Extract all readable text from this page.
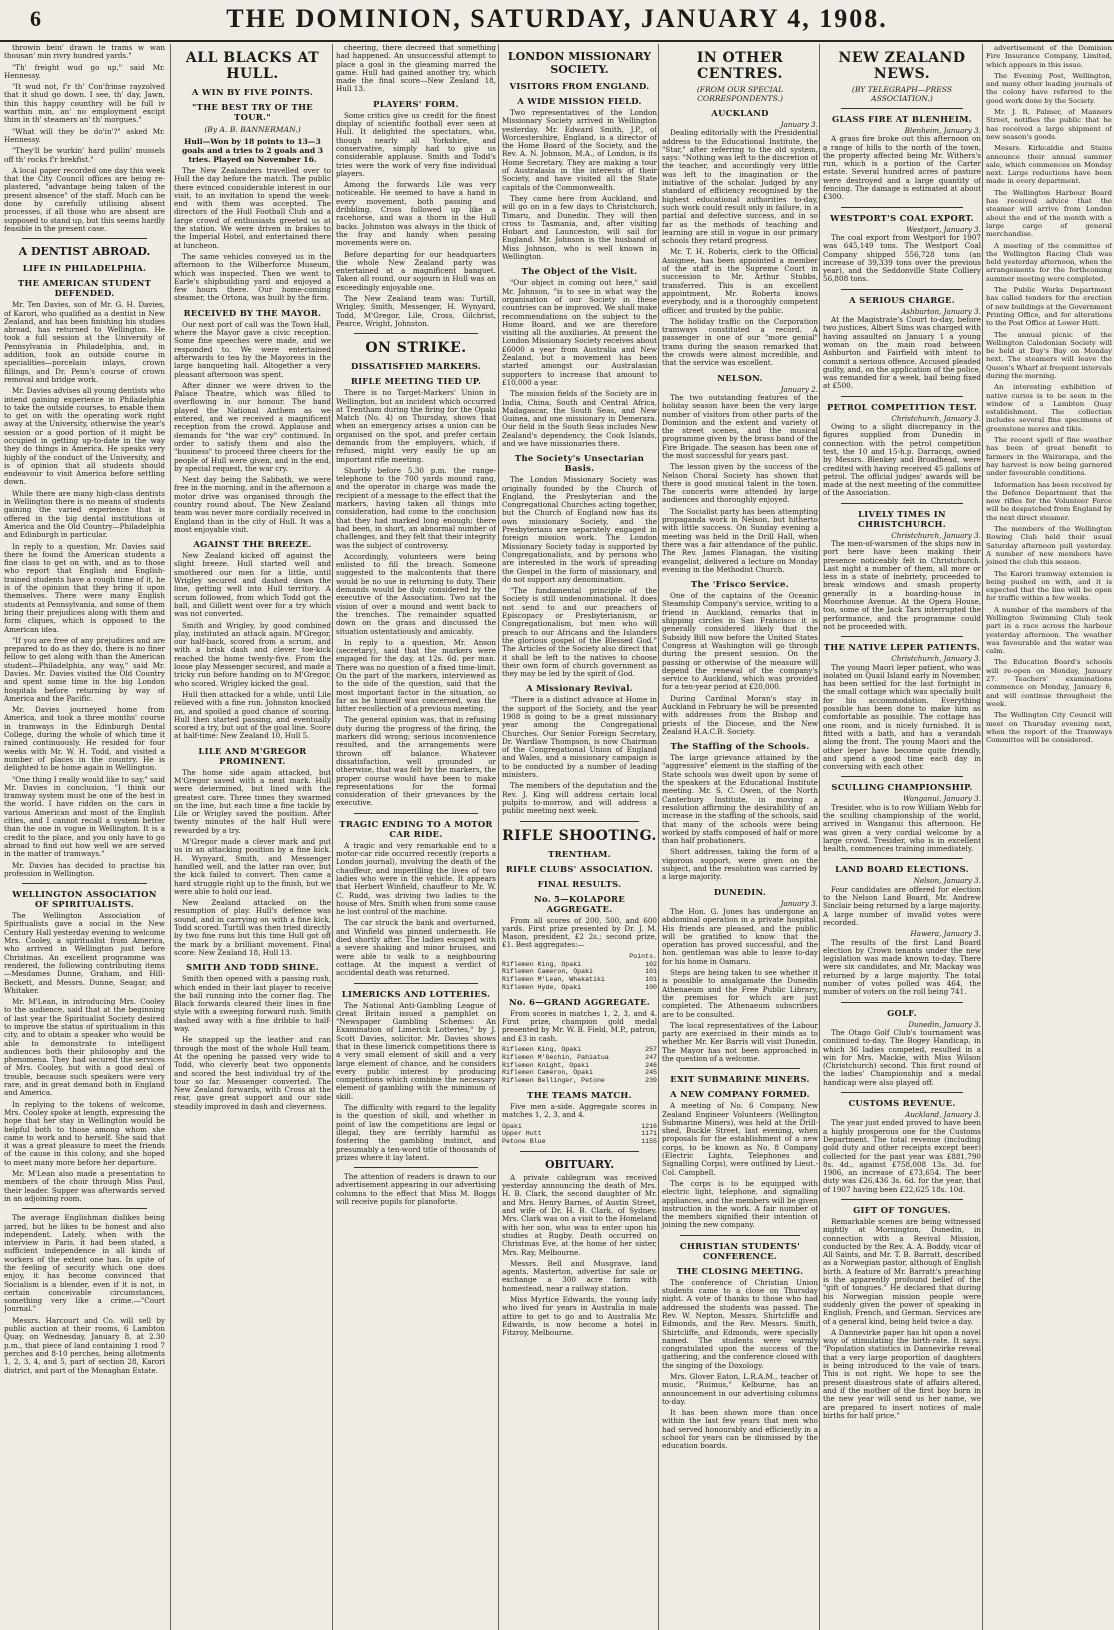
6	THE DOMINION, SATURDAY, JANUARY 4, 1908.

throwin bein' drawn te trams w wan thousan' min rivry hundred yards."

"Th' freight wud go up," said Mr. Hennessy.

"It wud not, f'r th' Con'frinse rayzolved that it shud go down. I see, th' day, Jawn, thin this happy counthry will be full iv warthin min, an' no employment excipt thim in th' steamers an' th' morgues."

"What will they be do'in'?" asked Mr. Hennessy.

"They'll be wurkin' hard pullin' mussels off th' rocks f'r brekfist."

A local paper recorded one day this week that the City Council offices are being re-plastered, "advantage being taken of the present absence" of the staff. Much can be done by carefully utilising absent processes, if all those who are absent are supposed to stand up, but this seems hardly feasible in the present case.

A DENTIST ABROAD.
LIFE IN PHILADELPHIA.
THE AMERICAN STUDENT DEFENDED.

Mr. Ten Davies, son of Mr. G. H. Davies, of Karori, who qualified as a dentist in New Zealand, and has been finishing his studies abroad, has returned to Wellington. He took a full session at the University of Pennsylvania in Philadelphia, and, in addition, took an outside course in specialities—porcelain inlays, crown fillings, and Dr. Penn's course of crown removal and bridge work.

Mr. Davies advises all young dentists who intend gaining experience in Philadelphia to take the outside courses, to enable them to get on with the operating work right away at the University, otherwise the year's session or a good portion of it might be occupied in getting up-to-date in the way they do things in America. He speaks very highly of the conduct of the University, and is of opinion that all students should endeavour to visit America before settling down.

While there are many high-class dentists in Wellington there is no means of students gaining the varied experience that is offered in the big dental institutions of America and the Old Country—Philadelphia and Edinburgh in particular.

In reply to a question, Mr. Davies said there he found the American students a fine class to get on with, and as to those who report that English and English-trained students have a rough time of it, he is of the opinion that they bring it upon themselves. There were many English students at Pennsylvania, and some of them bring their prejudices along with them and form cliques, which is opposed to the American idea.

"If you are free of any prejudices and are prepared to do as they do, there is no finer fellow to get along with than the American student—Philadelphia, any way," said Mr. Davies. Mr. Davies visited the Old Country and spent some time in the big London hospitals before returning by way of America and the Pacific.

Mr. Davies journeyed home from America, and took a three months' course in tramways in the Edinburgh Dental College, during the whole of which time it rained continuously. He resided for four weeks with Mr. W. H. Todd, and visited a number of places in the country. He is delighted to be home again in Wellington.

"One thing I really would like to say," said Mr. Davies in conclusion, "I think our tramway system must be one of the best in the world. I have ridden on the cars in various American and most of the English cities, and I cannot recall a system better than the one in vogue in Wellington. It is a credit to the place, and you only have to go abroad to find out how well we are served in the matter of tramways."

Mr. Davies has decided to practise his profession in Wellington.

WELLINGTON ASSOCIATION OF SPIRITUALISTS.

The Wellington Association of Spiritualists gave a social in the New Century Hall yesterday evening to welcome Mrs. Cooley, a spiritualist from America, who arrived in Wellington just before Christmas. An excellent programme was rendered, the following contributing items—Mesdames Dunne, Graham, and Hill-Beckett, and Messrs. Dunne, Seagar, and Whitaker.

Mr. M'Lean, in introducing Mrs. Cooley to the audience, said that at the beginning of last year the Spiritualist Society desired to improve the status of spiritualism in this city, and to obtain a speaker who would be able to demonstrate to intelligent audiences both their philosophy and the phenomena. They had secured the services of Mrs. Cooley, but with a good deal of trouble, because such speakers were very rare, and in great demand both in England and America.

In replying to the tokens of welcome, Mrs. Cooley spoke at length, expressing the hope that her stay in Wellington would be helpful both to those among whom she came to work and to herself. She said that it was a great pleasure to meet the friends of the cause in this colony, and she hoped to meet many more before her departure.

Mr. M'Lean also made a presentation to members of the choir through Miss Paul, their leader. Supper was afterwards served in an adjoining room.

The average Englishman dislikes being jarred, but he likes to be honest and also independent. Lately, when with the interview in Paris, it had been stated, a sufficient independence in all kinds of workers of the extent one has. In spite of the feeling of security which one does enjoy, it has become convinced that Socialism is a blender, even if it is not, in certain conceivable circumstances, something very like a crime.—"Court Journal."

Messrs. Harcourt and Co. will sell by public auction at their rooms, 6 Lambton Quay, on Wednesday, January 8, at 2.30 p.m., that piece of land containing 1 rood 7 perches and 8-10 perches, being allotments 1, 2, 3, 4, and 5, part of section 28, Karori district, and part of the Monaghan Estate.

ALL BLACKS AT HULL.
A WIN BY FIVE POINTS.
"THE BEST TRY OF THE TOUR."
(By A. B. BANNERMAN.)
Hull—Won by 18 points to 13—3 goals and a tries to 2 goals and 3 tries. Played on November 16.

The New Zealanders travelled over to Hull the day before the match. The public there evinced considerable interest in our visit, to an invitation to spend the week-end with them was accepted. The directors of the Hull Football Club and a large crowd of enthusiasts greeted us at the station. We were driven in brakes to the Imperial Hotel, and entertained there at luncheon.

The same vehicles conveyed us in the afternoon to the Wilberforce Museum, which was inspected. Then we went to Earle's shipbuilding yard and enjoyed a few hours there. Our home-coming steamer, the Ortona, was built by the firm.

RECEIVED BY THE MAYOR.

Our next port of call was the Town Hall, where the Mayor gave a civic reception. Some fine speeches were made, and we responded to. We were entertained afterwards to tea by the Mayoress in the large banqueting hall. Altogether a very pleasant afternoon was spent.

After dinner we were driven to the Palace Theatre, which was filled to overflowing in our honour. The band played the National Anthem as we entered, and we received a magnificent reception from the crowd. Applause and demands for "the war cry" continued. In order to satisfy them and also the "business" to proceed three cheers for the people of Hull were given, and in the end, by special request, the war cry.

Next day being the Sabbath, we were free in the morning, and in the afternoon a motor drive was organised through the country round about. The New Zealand team was never more cordially received in England than in the city of Hull. It was a most enjoyable visit.

AGAINST THE BREEZE.

New Zealand kicked off against the slight breeze. Hull started well and smothered our men for a little, until Wrigley secured and dashed down the line, getting well into Hull territory. A scrum followed, from which Todd got the ball, and Gillett went over for a try which was not converted.

Smith and Wrigley, by good combined play, instituted an attack again. M'Gregor, our half-back, scored from a scrum, and with a brisk dash and clever toe-kick reached the home twenty-five. From the loose play Messenger secured, and made a tricky run before handing on to M'Gregor, who scored. Wrigley kicked the goal.

Hull then attacked for a while, until Lile relieved with a fine run. Johnston knocked on, and spoiled a good chance of scoring. Hull then started passing, and eventually scored a try, but out of the goal line. Score at half-time: New Zealand 10, Hull 5.

LILE AND M'GREGOR PROMINENT.

The home side again attacked, but M'Gregor saved with a neat mark. Hull were determined, but lined with the greatest care. Three times they swarmed on the line, but each time a fine tackle by Lile or Wrigley saved the position. After twenty minutes of the half Hull were rewarded by a try.

M'Gregor made a clever mark and put us in an attacking position by a fine kick. H. Wynyard, Smith, and Messenger handled well, and the latter ran over, but the kick failed to convert. Then came a hard struggle right up to the finish, but we were able to hold our lead.

New Zealand attacked on the resumption of play. Hull's defence was sound, and in carrying on with a fine kick, Todd scored. Turtill was then tried directly by two fine runs but this time Hull got off the mark by a brilliant movement. Final score: New Zealand 18, Hull 13.

SMITH AND TODD SHINE.

Smith then opened with a passing rush, which ended in their last player to receive the ball running into the corner flag. The Black forwards cleared their lines in fine style with a sweeping forward rush. Smith dashed away with a fine dribble to half-way.

He snapped up the leather and ran through the most of the whole Hull team. At the opening he passed very wide to Todd, who cleverly beat two opponents and scored the best individual try of the tour so far. Messenger converted. The New Zealand forwards, with Cross at the rear, gave great support and our side steadily improved in dash and cleverness.

cheering, there decreed that something had happened. An unsuccessful attempt to place a goal in the gleaming marred the game. Hull had gained another try, which made the final score—New Zealand 18, Hull 13.

PLAYERS' FORM.

Some critics give us credit for the finest display of scientific football ever seen at Hull. It delighted the spectators, who, though nearly all Yorkshire, and conservative, simply had to give us considerable applause. Smith and Todd's tries were the work of very fine individual players.

Among the forwards Lile was very noticeable. He seemed to have a hand in every movement, both passing and dribbling. Cross followed up like a racehorse, and was a thorn in the Hull backs. Johnston was always in the thick of the fray and handy when passing movements were on.

Before departing for our headquarters the whole New Zealand party was entertained at a magnificent banquet. Taken all round, our sojourn in Hull was an exceedingly enjoyable one.

The New Zealand team was: Turtill, Wrigley, Smith, Messenger, H. Wynyard, Todd, M'Gregor, Lile, Cross, Gilchrist, Pearce, Wright, Johnston.

ON STRIKE.
DISSATISFIED MARKERS.
RIFLE MEETING TIED UP.

There is no Target-Markers' Union in Wellington, but an incident which occurred at Trentham during the firing for the Opaki Match (No. 4) on Thursday, shows that when an emergency arises a union can be organised on the spot, and prefer certain demands from the employers, which, if refused, might very easily tie up an important rifle meeting.

Shortly before 5.30 p.m. the range-telephone to the 700 yards mound rang, and the operator in charge was made the recipient of a message to the effect that the markers, having taken all things into consideration, had come to the conclusion that they had marked long enough; there had been, in short, an abnormal number of challenges, and they felt that their integrity was the subject of controversy.

Accordingly, volunteers were being enlisted to fill the breach. Someone suggested to the malcontents that there would be no use in returning to duty. Their demands would be duly considered by the executive of the Association. Two sat the vision of over a mound and went back to the trenches. The remainder squatted down on the grass and discussed the situation ostentatiously and amicably.

In reply to a question, Mr. Anson (secretary), said that the markers were engaged for the day, at 12s. 6d. per man. There was no question of a fixed time-limit. On the part of the markers, interviewed as to the side of the question, said that the most important factor in the situation, so far as he himself was concerned, was the bitter recollection of a previous meeting.

The general opinion was, that in refusing duty during the progress of the firing, the markers did wrong; serious inconvenience resulted, and the arrangements were thrown off balance. Whatever dissatisfaction, well grounded or otherwise, that was felt by the markers, the proper course would have been to make representations for the formal consideration of their grievances by the executive.

TRAGIC ENDING TO A MOTOR CAR RIDE.

A tragic and very remarkable end to a motor-car ride occurred recently (reports a London journal), involving the death of the chauffeur, and imperilling the lives of two ladies who were in the vehicle. It appears that Herbert Winfield, chauffeur to Mr. W. C. Rudd, was driving two ladies to the house of Mrs. Smith when from some cause he lost control of the machine.

The car struck the bank and overturned, and Winfield was pinned underneath. He died shortly after. The ladies escaped with a severe shaking and minor bruises, and were able to walk to a neighbouring cottage. At the inquest a verdict of accidental death was returned.

LIMERICKS AND LOTTERIES.

The National Anti-Gambling League of Great Britain issued a pamphlet on "Newspaper Gambling Schemes: An Examination of Limerick Lotteries," by J. Scott Davies, solicitor. Mr. Davies shows that in these limerick competitions there is a very small element of skill and a very large element of chance, and he considers every public interest by producing competitions which combine the necessary element of gambling with the minimum of skill.

The difficulty with regard to the legality is the question of skill, and whether in point of law the competitions are legal or illegal, they are terribly harmful as fostering the gambling instinct, and presumably a ten-word title of thousands of prizes where it lay latent.

The attention of readers is drawn to our advertisement appearing in our advertising columns to the effect that Miss M. Boggs will receive pupils for planoforte.

LONDON MISSIONARY SOCIETY.
VISITORS FROM ENGLAND.
A WIDE MISSION FIELD.

Two representatives of the London Missionary Society arrived in Wellington yesterday. Mr. Edward Smith, J.P., of Worcestershire, England, is a director of the Home Board of the Society, and the Rev. A. N. Johnson, M.A., of London, is its Home Secretary. They are making a tour of Australasia in the interests of their Society, and have visited all the State capitals of the Commonwealth.

They came here from Auckland, and will go on in a few days to Christchurch, Timaru, and Dunedin. They will then cross to Tasmania, and, after visiting Hobart and Launceston, will sail for England. Mr. Johnson is the husband of Miss Johnson, who is well known in Wellington.

The Object of the Visit.

"Our object in coming out here," said Mr. Johnson, "is to see in what way the organisation of our Society in these countries can be improved. We shall make recommendations on the subject to the Home Board, and we are therefore visiting all the auxiliaries. At present the London Missionary Society receives about £6000 a year from Australia and New Zealand, but a movement has been started amongst our Australasian supporters to increase that amount to £10,000 a year.

The mission fields of the Society are in India, China, South and Central Africa, Madagascar, the South Seas, and New Guinea, and one missionary in Demerara. Our field in the South Seas includes New Zealand's dependency, the Cook Islands, and we have missionaries there.

The Society's Unsectarian Basis.

The London Missionary Society was originally founded by the Church of England, the Presbyterian and the Congregational Churches acting together, but the Church of England now has its own missionary Society, and the Presbyterians are separately engaged in foreign mission work. The London Missionary Society today is supported by Congregationalists, and by persons who are interested in the work of spreading the Gospel in the form of missionary, and do not support any denomination.

"The fundamental principle of the Society is still undenominational. It does not send to and our preachers of Episcopacy or Presbyterianism, or Congregationalism, but men who will preach to our Africans and the Islanders the glorious gospel of the Blessed God." The Articles of the Society also direct that it shall be left to the natives to choose their own form of church government as they may be led by the spirit of God.

A Missionary Revival.

"There is a distinct advance at Home in the support of the Society, and the year 1908 is going to be a great missionary year among the Congregational Churches. Our Senior Foreign Secretary, Dr. Wardlaw Thompson, is now Chairman of the Congregational Union of England and Wales, and a missionary campaign is to be conducted by a number of leading ministers.

The members of the deputation and the Rev. J. King will address certain local pulpits to-morrow, and will address a public meeting next week.

RIFLE SHOOTING.
TRENTHAM.
RIFLE CLUBS' ASSOCIATION.
FINAL RESULTS.
No. 5—KOLAPORE AGGREGATE.

From all scores of 200, 500, and 600 yards. First prize presented by Dr. J. M. Mason, president, £2 2s.; second prize, £1. Best aggregates:—

Points.
Riflemen King, Opaki	102
Riflemen Cameron, Opaki	101
Riflemen M'Lean, Whakatiki	101
Riflemen Hyde, Opaki	100
No. 6—GRAND AGGREGATE.

From scores in matches 1, 2, 3, and 4. First prize, champion gold medal presented by Mr. W. B. Field, M.P., patron, and £3 in cash.

Riflemen King, Opaki	257
Riflemen M'Gechin, Pahiatua	247
Riflemen Knight, Opaki	246
Riflemen Cameron, Opaki	245
Riflemen Bellinger, Petone	239
THE TEAMS MATCH.

Five men a-side. Aggregate scores in matches 1, 2, 3, and 4.

Opaki	1216
Upper Hutt	1171
Petone Blue	1155
OBITUARY.

A private cablegram was received yesterday announcing the death of Mrs. H. B. Clark, the second daughter of Mr. and Mrs. Henry Barnes, of Austin Street, and wife of Dr. H. B. Clark, of Sydney. Mrs. Clark was on a visit to the Homeland with her son, who was to enter upon his studies at Rugby. Death occurred on Christmas Eve, at the home of her sister, Mrs. Ray, Melbourne.

Messrs. Bell and Musgrave, land agents, Masterton, advertise for sale or exchange a 300 acre farm with homestead, near a railway station.

Miss Myrtice Edwards, the young lady who lived for years in Australia in male attire to get to go and to Australia Mr. Edwards, is now become a hotel in Fitzroy, Melbourne.

IN OTHER CENTRES.
(FROM OUR SPECIAL CORRESPONDENTS.)
AUCKLAND
January 3.

Dealing editorially with the Presidential address to the Educational Institute, the "Star," after referring to the old system, says: "Nothing was left to the discretion of the teacher, and accordingly very little was left to the imagination or the initiative of the scholar. Judged by any standard of efficiency recognised by the highest educational authorities to-day, such work could result only in failure, in a partial and defective success, and in so far as the methods of teaching and learning are still in vogue in our primary schools they retard progress.

Mr. T. H. Roberts, clerk to the Official Assignee, has been appointed a member of the staff in the Supreme Court in succession to Mr. Arthur Stubbs, transferred. This is an excellent appointment, Mr. Roberts knows everybody, and is a thoroughly competent officer, and trusted by the public.

The holiday traffic on the Corporation tramways constituted a record. A passenger in one of our "more genial" trams during the season remarked that the crowds were almost incredible, and that the service was excellent.

NELSON.
January 2.

The two outstanding features of the holiday season have been the very large number of visitors from other parts of the Dominion and the extent and variety of the street scenes, and the musical programme given by the brass band of the Fire Brigade. The season has been one of the most successful for years past.

The lesson given by the success of the Nelson Choral Society has shown that there is good musical talent in the town. The concerts were attended by large audiences and thoroughly enjoyed.

The Socialist party has been attempting propaganda work in Nelson, but hitherto with little success. On Sunday evening a meeting was held in the Drill Hall, when there was a fair attendance of the public. The Rev. James Flanagan, the visiting evangelist, delivered a lecture on Monday evening in the Methodist Church.

The 'Frisco Service.

One of the captains of the Oceanic Steamship Company's service, writing to a friend in Auckland, remarks that in shipping circles in San Francisco it is generally considered likely that the Subsidy Bill now before the United States Congress at Washington will go through during the present session. On the passing or otherwise of the measure will depend the renewal of the company's service to Auckland, which was provided for a ten-year period at £20,000.

During Cardinal Moran's stay in Auckland in February he will be presented with addresses from the Bishop and priests of the Diocese, and the New Zealand H.A.C.B. Society.

The Staffing of the Schools.

The large grievance attained by the "aggressive" element in the staffing of the State schools was dwelt upon by some of the speakers at the Educational Institute meeting. Mr. S. C. Owen, of the North Canterbury Institute, in moving a resolution affirming the desirability of an increase in the staffing of the schools, said that many of the schools were being worked by staffs composed of half or more than half probationers.

Short addresses, taking the form of a vigorous support, were given on the subject, and the resolution was carried by a large majority.

DUNEDIN.
January 3.

The Hon. G. Jones has undergone an abdominal operation in a private hospital. His friends are pleased, and the public will be gratified to know that the operation has proved successful, and the hon. gentleman was able to leave to-day for his home in Oamaru.

Steps are being taken to see whether it is possible to amalgamate the Dunedin Athenaeum and the Free Public Library, the premises for which are just completed. The Athenaeum subscribers are to be consulted.

The local representatives of the Labour party are exercised in their minds as to whether Mr. Ker Barris will visit Dunedin. The Mayor has not been approached in the question of a welcome.

EXIT SUBMARINE MINERS.
A NEW COMPANY FORMED.

A meeting of No. 6 Company, New Zealand Engineer Volunteers (Wellington Submarine Miners), was held at the Drill-shed, Buckle Street, last evening, when proposals for the establishment of a new corps, to be known as No. 8 Company (Electric Lights, Telephones and Signalling Corps), were outlined by Lieut.-Col. Campbell.

The corps is to be equipped with electric light, telephone, and signalling appliances, and the members will be given instruction in the work. A fair number of the members signified their intention of joining the new company.

CHRISTIAN STUDENTS' CONFERENCE.
THE CLOSING MEETING.

The conference of Christian Union students came to a close on Thursday night. A vote of thanks to those who had addressed the students was passed. The Rev. W. Nepton, Messrs. Shirtcliffe and Edmonds, and the Rev. Messrs. Smith, Shirtcliffe, and Edmonds, were specially named. The students were warmly congratulated upon the success of the gathering, and the conference closed with the singing of the Doxology.

Mrs. Glover Eaton, L.R.A.M., teacher of music, "Ruimus," Kelburne, has an announcement in our advertising columns to-day.

It has been shown more than once within the last few years that men who had served honourably and efficiently in a school for years can be dismissed by the education boards.

NEW ZEALAND NEWS.
(BY TELEGRAPH—PRESS ASSOCIATION.)
GLASS FIRE AT BLENHEIM.
Blenheim, January 3.

A grass fire broke out this afternoon on a range of hills to the north of the town, the property affected being Mr. Withers's run, which is a portion of the Carter estate. Several hundred acres of pasture were destroyed and a large quantity of fencing. The damage is estimated at about £300.

WESTPORT'S COAL EXPORT.
Westport, January 3.

The coal export from Westport for 1907 was 645,149 tons. The Westport Coal Company shipped 556,728 tons (an increase of 39,339 tons over the previous year), and the Seddonville State Colliery 56,808 tons.

A SERIOUS CHARGE.
Ashburton, January 3.

At the Magistrate's Court to-day, before two justices, Albert Sims was charged with having assaulted on January 1 a young woman on the main road between Ashburton and Fairfield with intent to commit a serious offence. Accused pleaded guilty, and, on the application of the police, was remanded for a week, bail being fixed at £500.

PETROL COMPETITION TEST.
Christchurch, January 3.

Owing to a slight discrepancy in the figures supplied from Dunedin in connection with the petrol competition test, the 10 and 15-h.p. Darracqs, owned by Messrs. Blenkey and Broadhead, were credited with having received 45 gallons of petrol. The official judges' awards will be made at the next meeting of the committee of the Association.

LIVELY TIMES IN CHRISTCHURCH.
Christchurch, January 3.

The men-of-warsmen of the ships now in port here have been making their presence noticeably felt in Christchurch. Last night a number of them, all more or less in a state of inebriety, proceeded to break windows and smash property generally in a boarding-house in Moorhouse Avenue. At the Opera House, too, some of the Jack Tars interrupted the performance, and the programme could not be proceeded with.

THE NATIVE LEPER PATIENTS.
Christchurch, January 3.

The young Maori leper patient, who was isolated on Quail Island early in November, has been settled for the last fortnight in the small cottage which was specially built for his accommodation. Everything possible has been done to make him as comfortable as possible. The cottage has one room, and is nicely furnished. It is fitted with a bath, and has a verandah along the front. The young Maori and the other leper have become quite friendly, and spend a good time each day in conversing with each other.

SCULLING CHAMPIONSHIP.
Wanganui, January 3.

Tresider, who is to row William Webb for the sculling championship of the world, arrived in Wanganui this afternoon. He was given a very cordial welcome by a large crowd. Tresider, who is in excellent health, commences training immediately.

LAND BOARD ELECTIONS.
Nelson, January 3.

Four candidates are offered for election to the Nelson Land Board, Mr. Andrew Sinclair being returned by a large majority. A large number of invalid votes were recorded.

Hawera, January 3.

The results of the first Land Board election by Crown tenants under the new legislation was made known to-day. There were six candidates, and Mr. Mackay was returned by a large majority. The total number of votes polled was 464, the number of voters on the roll being 741.

GOLF.
Dunedin, January 3.

The Otago Golf Club's tournament was continued to-day. The Bogey Handicap, in which 36 ladies competed, resulted in a win for Mrs. Mackie, with Miss Wilson (Christchurch) second. This first round of the ladies' Championship and a medal handicap were also played off.

CUSTOMS REVENUE.
Auckland, January 3.

The year just ended proved to have been a highly prosperous one for the Customs Department. The total revenue (including gold duty and other receipts except beer) collected for the past year was £881,790 8s. 4d., against £758,008 13s. 3d. for 1906, an increase of £73,654. The beer duty was £26,436 3s. 6d. for the year, that of 1907 having been £22,625 18s. 10d.

GIFT OF TONGUES.

Remarkable scenes are being witnessed nightly at Mornington, Dunedin, in connection with a Revival Mission, conducted by the Rev. A. A. Boddy, vicar of All Saints, and Mr. T. B. Barratt, described as a Norwegian pastor, although of English birth. A feature of Mr. Barratt's preaching is the apparently profound belief of the "gift of tongues." He declared that during his Norwegian mission people were suddenly given the power of speaking in English, French, and German. Services are of a general kind, being held twice a day.

A Dannevirke paper has hit upon a novel way of stimulating the birth-rate. It says: "Population statistics in Dannevirke reveal that a very large proportion of daughters is being introduced to the vale of tears. This is not right. We hope to see the present disastrous state of affairs altered, and if the mother of the first boy born in the new year will send us her name, we are prepared to insert notices of male births for half price."

advertisement of the Dominion Fire Insurance Company, Limited, which appears in this issue.

The Evening Post, Wellington, and many other leading journals of the colony have referred to the good work done by the Society.

Mr. J. R. Palmer, of Manners Street, notifies the public that he has received a large shipment of new season's goods.

Messrs. Kirkcaldie and Stains announce their annual summer sale, which commences on Monday next. Large reductions have been made in every department.

The Wellington Harbour Board has received advice that the steamer will arrive from London about the end of the month with a large cargo of general merchandise.

A meeting of the committee of the Wellington Racing Club was held yesterday afternoon, when the arrangements for the forthcoming summer meeting were completed.

The Public Works Department has called tenders for the erection of new buildings at the Government Printing Office, and for alterations to the Post Office at Lower Hutt.

The annual picnic of the Wellington Caledonian Society will be held at Day's Bay on Monday next. The steamers will leave the Queen's Wharf at frequent intervals during the morning.

An interesting exhibition of native curios is to be seen in the window of a Lambton Quay establishment. The collection includes several fine specimens of greenstone meres and tikis.

The recent spell of fine weather has been of great benefit to farmers in the Wairarapa, and the hay harvest is now being garnered under favourable conditions.

Information has been received by the Defence Department that the new rifles for the Volunteer Force will be despatched from England by the next direct steamer.

The members of the Wellington Rowing Club held their usual Saturday afternoon pull yesterday. A number of new members have joined the club this season.

The Karori tramway extension is being pushed on with, and it is expected that the line will be open for traffic within a few weeks.

A number of the members of the Wellington Swimming Club took part in a race across the harbour yesterday afternoon. The weather was favourable and the water was calm.

The Education Board's schools will re-open on Monday, January 27. Teachers' examinations commence on Monday, January 6, and will continue throughout the week.

The Wellington City Council will meet on Thursday evening next, when the report of the Tramways Committee will be considered.
